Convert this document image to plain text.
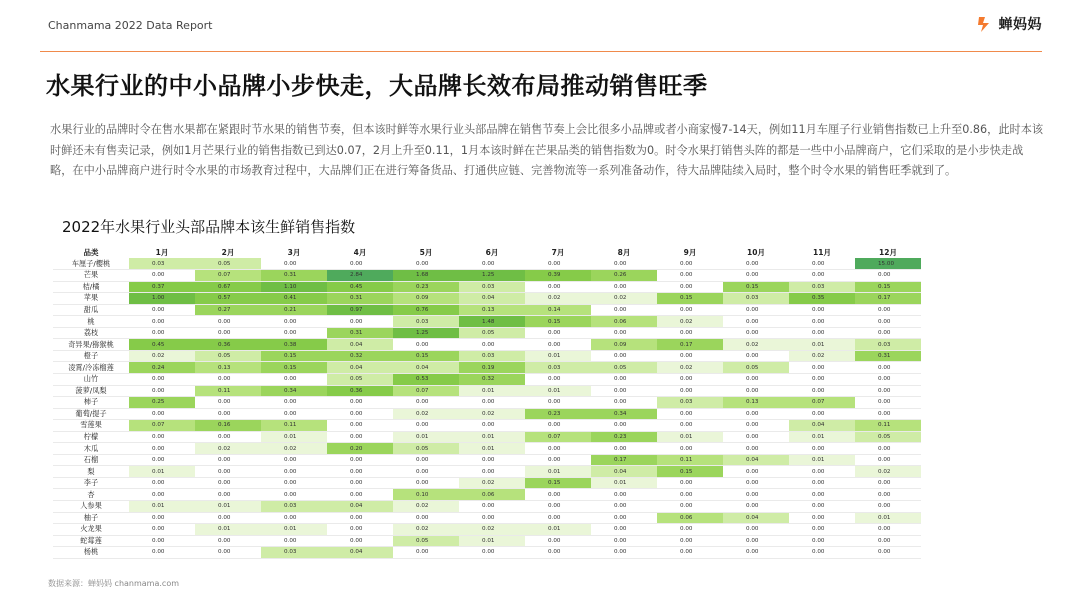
Chanmama 2022 Data Report	蝉妈妈
水果行业的中小品牌小步快走，大品牌长效布局推动销售旺季
水果行业的品牌时令在售水果都在紧跟时节水果的销售节奏，但本该时鲜等水果行业头部品牌在销售节奏上会比很多小品牌或者小商家慢7-14天，例如11月车厘子行业销售指数已上升至0.86，此时本该时鲜还未有售卖记录，例如1月芒果行业的销售指数已到达0.07，2月上升至0.11，1月本该时鲜在芒果品类的销售指数为0。时令水果打销售头阵的都是一些中小品牌商户，它们采取的是小步快走战略，在中小品牌商户进行时令水果的市场教育过程中，大品牌们正在进行筹备货品、打通供应链、完善物流等一系列准备动作，待大品牌陆续入局时，整个时令水果的销售旺季就到了。
2022年水果行业头部品牌本该生鲜销售指数
品类	1月	2月	3月	4月	5月	6月	7月	8月	9月	10月	11月	12月
车厘子/樱桃	0.03	0.05	0.00	0.00	0.00	0.00	0.00	0.00	0.00	0.00	0.00	15.00
芒果	0.00	0.07	0.31	2.84	1.68	1.25	0.39	0.26	0.00	0.00	0.00	0.00
桔/橘	0.37	0.67	1.10	0.45	0.23	0.03	0.00	0.00	0.00	0.15	0.03	0.15
苹果	1.00	0.57	0.41	0.31	0.09	0.04	0.02	0.02	0.15	0.03	0.35	0.17
甜瓜	0.00	0.27	0.21	0.97	0.76	0.13	0.14	0.00	0.00	0.00	0.00	0.00
桃	0.00	0.00	0.00	0.00	0.03	1.48	0.15	0.06	0.02	0.00	0.00	0.00
荔枝	0.00	0.00	0.00	0.31	1.25	0.05	0.00	0.00	0.00	0.00	0.00	0.00
奇异果/猕猴桃	0.45	0.36	0.38	0.04	0.00	0.00	0.00	0.09	0.17	0.02	0.01	0.03
橙子	0.02	0.05	0.15	0.32	0.15	0.03	0.01	0.00	0.00	0.00	0.02	0.31
凌霄/冷冻榴莲	0.24	0.13	0.15	0.04	0.04	0.19	0.03	0.05	0.02	0.05	0.00	0.00
山竹	0.00	0.00	0.00	0.05	0.53	0.32	0.00	0.00	0.00	0.00	0.00	0.00
菠萝/凤梨	0.00	0.11	0.34	0.36	0.07	0.01	0.01	0.00	0.00	0.00	0.00	0.00
柿子	0.25	0.00	0.00	0.00	0.00	0.00	0.00	0.00	0.03	0.13	0.07	0.00
葡萄/提子	0.00	0.00	0.00	0.00	0.02	0.02	0.23	0.34	0.00	0.00	0.00	0.00
雪莲果	0.07	0.16	0.11	0.00	0.00	0.00	0.00	0.00	0.00	0.00	0.04	0.11
柠檬	0.00	0.00	0.01	0.00	0.01	0.01	0.07	0.23	0.01	0.00	0.01	0.05
木瓜	0.00	0.02	0.02	0.20	0.05	0.01	0.00	0.00	0.00	0.00	0.00	0.00
石榴	0.00	0.00	0.00	0.00	0.00	0.00	0.00	0.17	0.11	0.04	0.01	0.00
梨	0.01	0.00	0.00	0.00	0.00	0.00	0.01	0.04	0.15	0.00	0.00	0.02
李子	0.00	0.00	0.00	0.00	0.00	0.02	0.15	0.01	0.00	0.00	0.00	0.00
杏	0.00	0.00	0.00	0.00	0.10	0.06	0.00	0.00	0.00	0.00	0.00	0.00
人参果	0.01	0.01	0.03	0.04	0.02	0.00	0.00	0.00	0.00	0.00	0.00	0.00
柚子	0.00	0.00	0.00	0.00	0.00	0.00	0.00	0.00	0.06	0.04	0.00	0.01
火龙果	0.00	0.01	0.01	0.00	0.02	0.02	0.01	0.00	0.00	0.00	0.00	0.00
蛇莓莲	0.00	0.00	0.00	0.00	0.05	0.01	0.00	0.00	0.00	0.00	0.00	0.00
杨桃	0.00	0.00	0.03	0.04	0.00	0.00	0.00	0.00	0.00	0.00	0.00	0.00
数据来源：蝉妈妈 chanmama.com
